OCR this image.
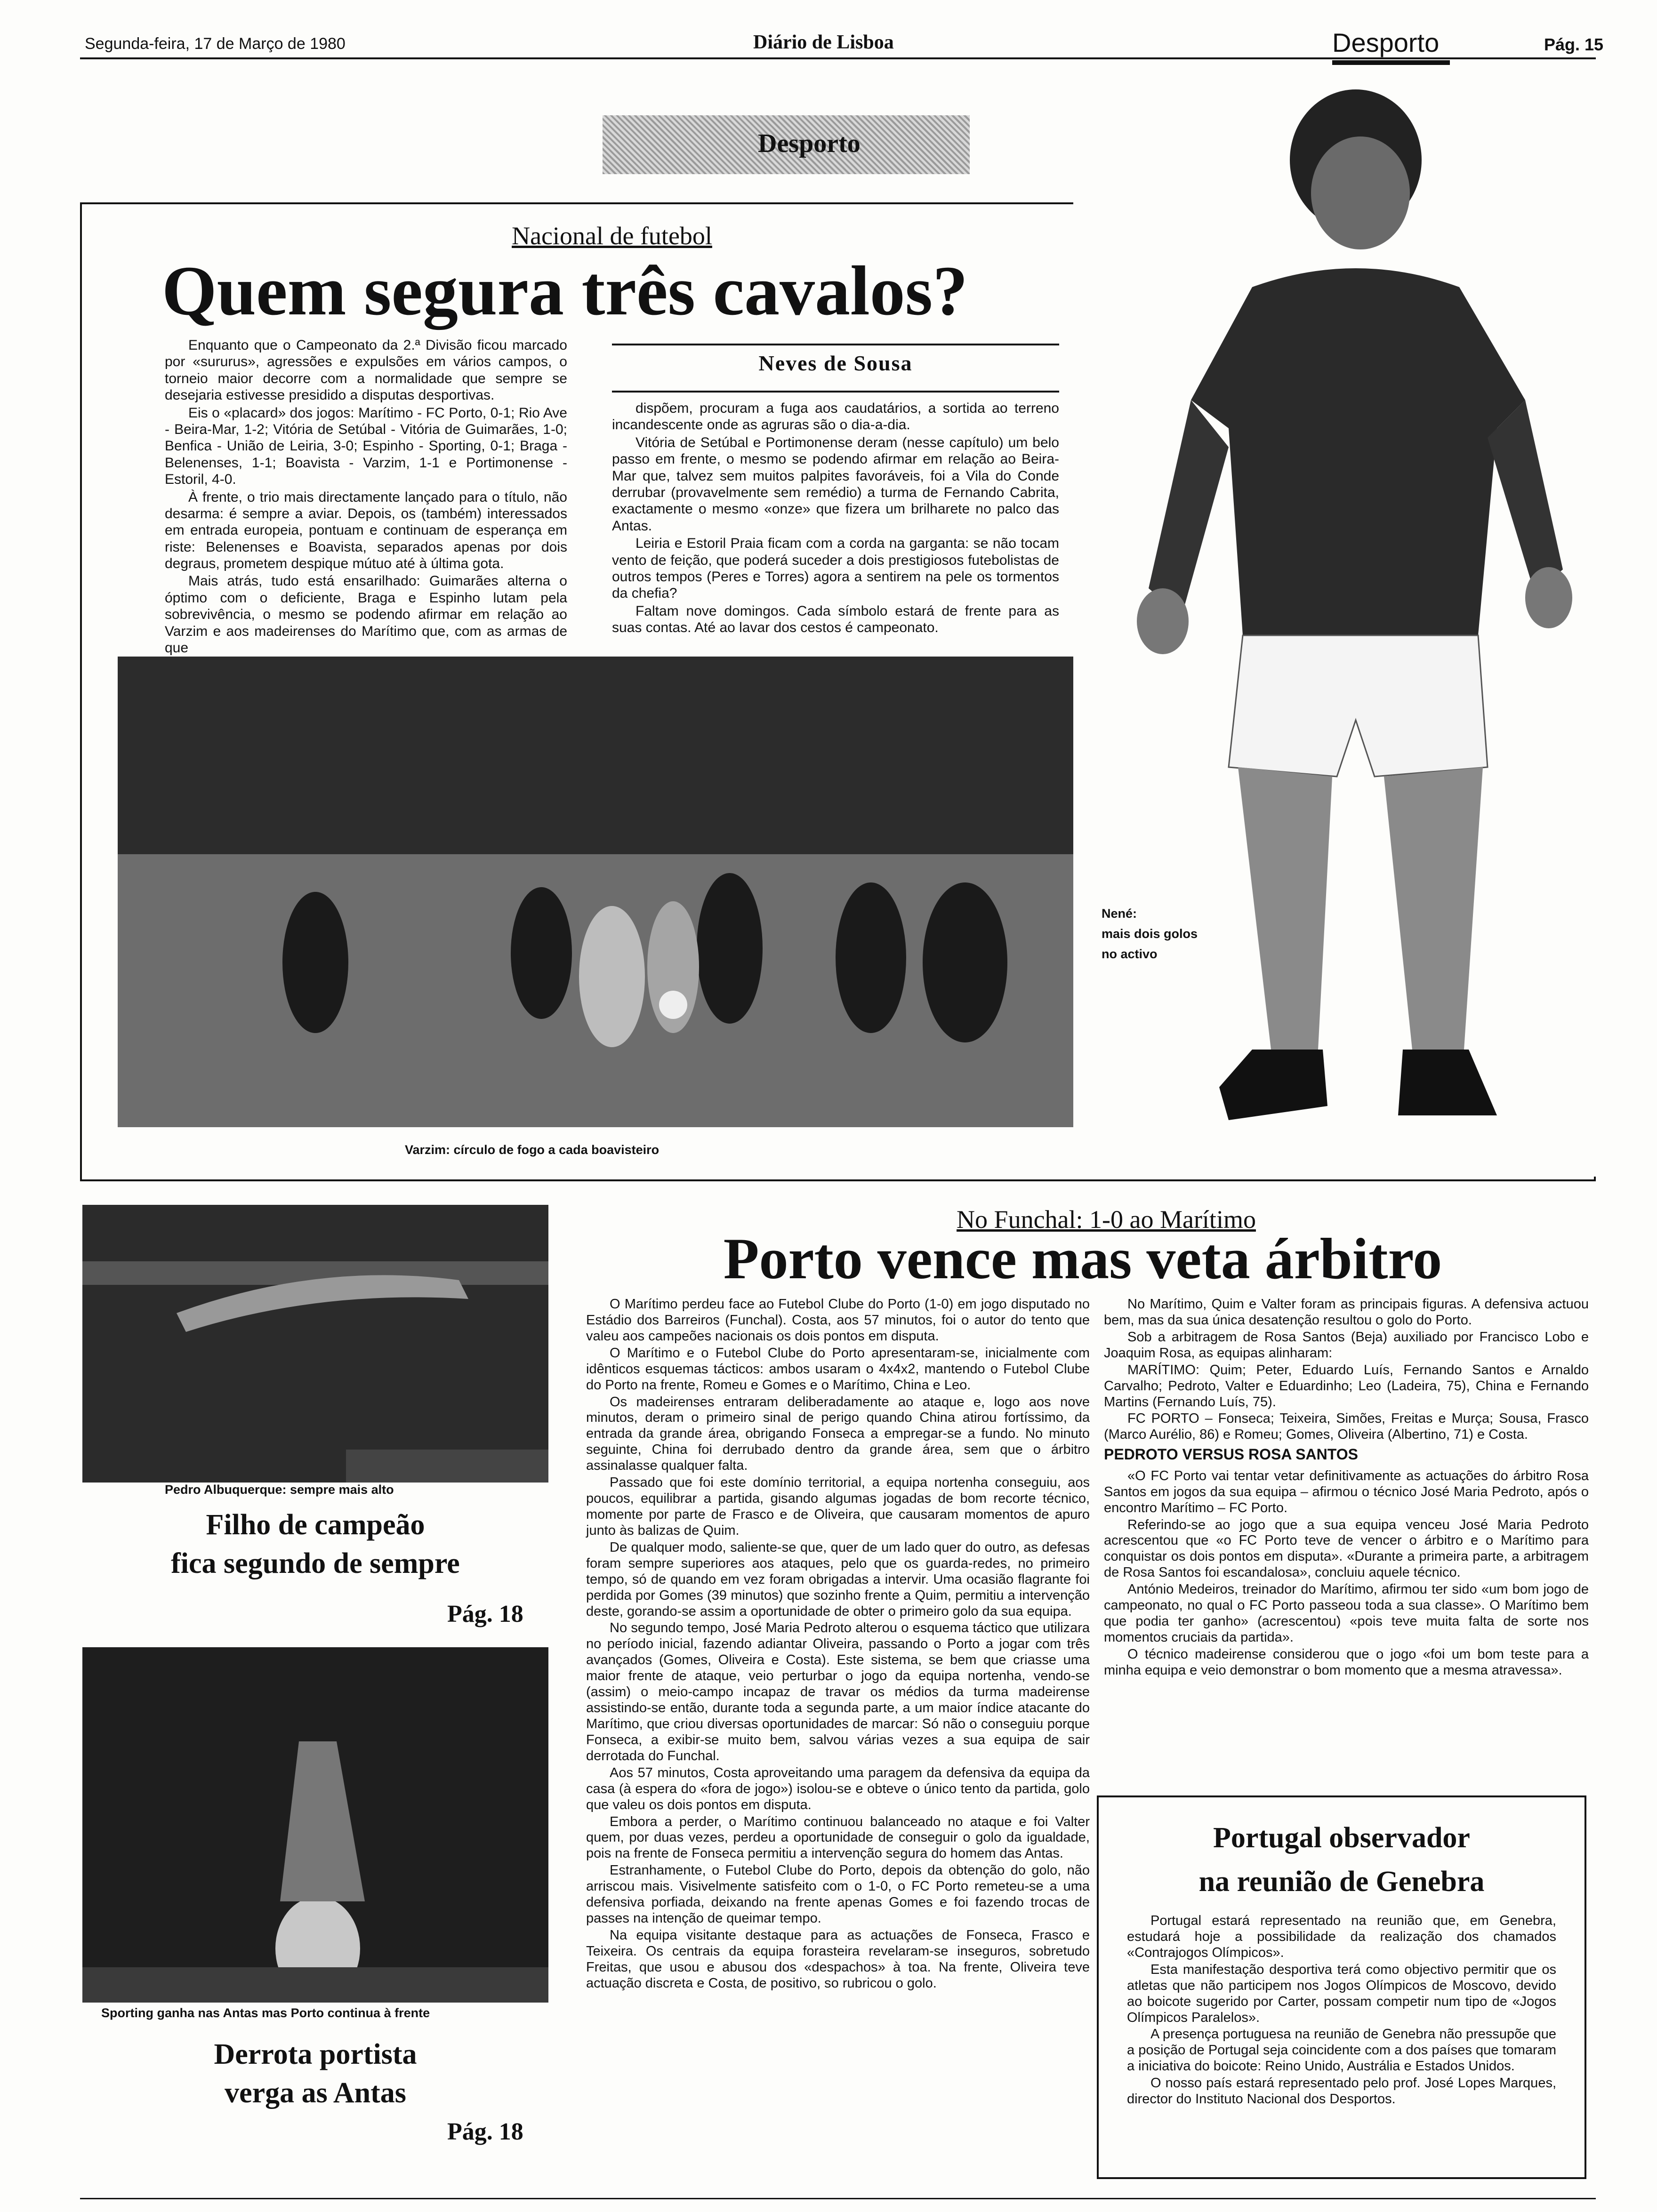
Segunda-feira, 17 de Março de 1980	Diário de Lisboa	Desporto	Pág. 15
Desporto
Nacional de futebol
Quem segura três cavalos?
Neves de Sousa

Enquanto que o Campeonato da 2.ª Divisão ficou marcado por «sururus», agressões e expulsões em vários campos, o torneio maior decorre com a normalidade que sempre se desejaria estivesse presidido a disputas desportivas.

Eis o «placard» dos jogos: Marítimo - FC Porto, 0-1; Rio Ave - Beira-Mar, 1-2; Vitória de Setúbal - Vitória de Guimarães, 1-0; Benfica - União de Leiria, 3-0; Espinho - Sporting, 0-1; Braga - Belenenses, 1-1; Boavista - Varzim, 1-1 e Portimonense - Estoril, 4-0.

À frente, o trio mais directamente lançado para o título, não desarma: é sempre a aviar. Depois, os (também) interessados em entrada europeia, pontuam e continuam de esperança em riste: Belenenses e Boavista, separados apenas por dois degraus, prometem despique mútuo até à última gota.

Mais atrás, tudo está ensarilhado: Guimarães alterna o óptimo com o deficiente, Braga e Espinho lutam pela sobrevivência, o mesmo se podendo afirmar em relação ao Varzim e aos madeirenses do Marítimo que, com as armas de que

dispõem, procuram a fuga aos caudatários, a sortida ao terreno incandescente onde as agruras são o dia-a-dia.

Vitória de Setúbal e Portimonense deram (nesse capítulo) um belo passo em frente, o mesmo se podendo afirmar em relação ao Beira-Mar que, talvez sem muitos palpites favoráveis, foi a Vila do Conde derrubar (provavelmente sem remédio) a turma de Fernando Cabrita, exactamente o mesmo «onze» que fizera um brilharete no palco das Antas.

Leiria e Estoril Praia ficam com a corda na garganta: se não tocam vento de feição, que poderá suceder a dois prestigiosos futebolistas de outros tempos (Peres e Torres) agora a sentirem na pele os tormentos da chefia?

Faltam nove domingos. Cada símbolo estará de frente para as suas contas. Até ao lavar dos cestos é campeonato.

Varzim: círculo de fogo a cada boavisteiro
Nené:
mais dois golos
no activo
Pedro Albuquerque: sempre mais alto
Filho de campeão
fica segundo de sempre
Pág. 18
Sporting ganha nas Antas mas Porto continua à frente
Derrota portista
verga as Antas
Pág. 18
No Funchal: 1-0 ao Marítimo
Porto vence mas veta árbitro

O Marítimo perdeu face ao Futebol Clube do Porto (1-0) em jogo disputado no Estádio dos Barreiros (Funchal). Costa, aos 57 minutos, foi o autor do tento que valeu aos campeões nacionais os dois pontos em disputa.

O Marítimo e o Futebol Clube do Porto apresentaram-se, inicialmente com idênticos esquemas tácticos: ambos usaram o 4x4x2, mantendo o Futebol Clube do Porto na frente, Romeu e Gomes e o Marítimo, China e Leo.

Os madeirenses entraram deliberadamente ao ataque e, logo aos nove minutos, deram o primeiro sinal de perigo quando China atirou fortíssimo, da entrada da grande área, obrigando Fonseca a empregar-se a fundo. No minuto seguinte, China foi derrubado dentro da grande área, sem que o árbitro assinalasse qualquer falta.

Passado que foi este domínio territorial, a equipa nortenha conseguiu, aos poucos, equilibrar a partida, gisando algumas jogadas de bom recorte técnico, momente por parte de Frasco e de Oliveira, que causaram momentos de apuro junto às balizas de Quim.

De qualquer modo, saliente-se que, quer de um lado quer do outro, as defesas foram sempre superiores aos ataques, pelo que os guarda-redes, no primeiro tempo, só de quando em vez foram obrigadas a intervir. Uma ocasião flagrante foi perdida por Gomes (39 minutos) que sozinho frente a Quim, permitiu a intervenção deste, gorando-se assim a oportunidade de obter o primeiro golo da sua equipa.

No segundo tempo, José Maria Pedroto alterou o esquema táctico que utilizara no período inicial, fazendo adiantar Oliveira, passando o Porto a jogar com três avançados (Gomes, Oliveira e Costa). Este sistema, se bem que criasse uma maior frente de ataque, veio perturbar o jogo da equipa nortenha, vendo-se (assim) o meio-campo incapaz de travar os médios da turma madeirense assistindo-se então, durante toda a segunda parte, a um maior índice atacante do Marítimo, que criou diversas oportunidades de marcar: Só não o conseguiu porque Fonseca, a exibir-se muito bem, salvou várias vezes a sua equipa de sair derrotada do Funchal.

Aos 57 minutos, Costa aproveitando uma paragem da defensiva da equipa da casa (à espera do «fora de jogo») isolou-se e obteve o único tento da partida, golo que valeu os dois pontos em disputa.

Embora a perder, o Marítimo continuou balanceado no ataque e foi Valter quem, por duas vezes, perdeu a oportunidade de conseguir o golo da igualdade, pois na frente de Fonseca permitiu a intervenção segura do homem das Antas.

Estranhamente, o Futebol Clube do Porto, depois da obtenção do golo, não arriscou mais. Visivelmente satisfeito com o 1-0, o FC Porto remeteu-se a uma defensiva porfiada, deixando na frente apenas Gomes e foi fazendo trocas de passes na intenção de queimar tempo.

Na equipa visitante destaque para as actuações de Fonseca, Frasco e Teixeira. Os centrais da equipa forasteira revelaram-se inseguros, sobretudo Freitas, que usou e abusou dos «despachos» à toa. Na frente, Oliveira teve actuação discreta e Costa, de positivo, so rubricou o golo.

No Marítimo, Quim e Valter foram as principais figuras. A defensiva actuou bem, mas da sua única desatenção resultou o golo do Porto.

Sob a arbitragem de Rosa Santos (Beja) auxiliado por Francisco Lobo e Joaquim Rosa, as equipas alinharam:

MARÍTIMO: Quim; Peter, Eduardo Luís, Fernando Santos e Arnaldo Carvalho; Pedroto, Valter e Eduardinho; Leo (Ladeira, 75), China e Fernando Martins (Fernando Luís, 75).

FC PORTO – Fonseca; Teixeira, Simões, Freitas e Murça; Sousa, Frasco (Marco Aurélio, 86) e Romeu; Gomes, Oliveira (Albertino, 71) e Costa.

PEDROTO VERSUS ROSA SANTOS

«O FC Porto vai tentar vetar definitivamente as actuações do árbitro Rosa Santos em jogos da sua equipa – afirmou o técnico José Maria Pedroto, após o encontro Marítimo – FC Porto.

Referindo-se ao jogo que a sua equipa venceu José Maria Pedroto acrescentou que «o FC Porto teve de vencer o árbitro e o Marítimo para conquistar os dois pontos em disputa». «Durante a primeira parte, a arbitragem de Rosa Santos foi escandalosa», concluiu aquele técnico.

António Medeiros, treinador do Marítimo, afirmou ter sido «um bom jogo de campeonato, no qual o FC Porto passeou toda a sua classe». O Marítimo bem que podia ter ganho» (acrescentou) «pois teve muita falta de sorte nos momentos cruciais da partida».

O técnico madeirense considerou que o jogo «foi um bom teste para a minha equipa e veio demonstrar o bom momento que a mesma atravessa».

Portugal observador
na reunião de Genebra

Portugal estará representado na reunião que, em Genebra, estudará hoje a possibilidade da realização dos chamados «Contrajogos Olímpicos».

Esta manifestação desportiva terá como objectivo permitir que os atletas que não participem nos Jogos Olímpicos de Moscovo, devido ao boicote sugerido por Carter, possam competir num tipo de «Jogos Olímpicos Paralelos».

A presença portuguesa na reunião de Genebra não pressupõe que a posição de Portugal seja coincidente com a dos países que tomaram a iniciativa do boicote: Reino Unido, Austrália e Estados Unidos.

O nosso país estará representado pelo prof. José Lopes Marques, director do Instituto Nacional dos Desportos.
